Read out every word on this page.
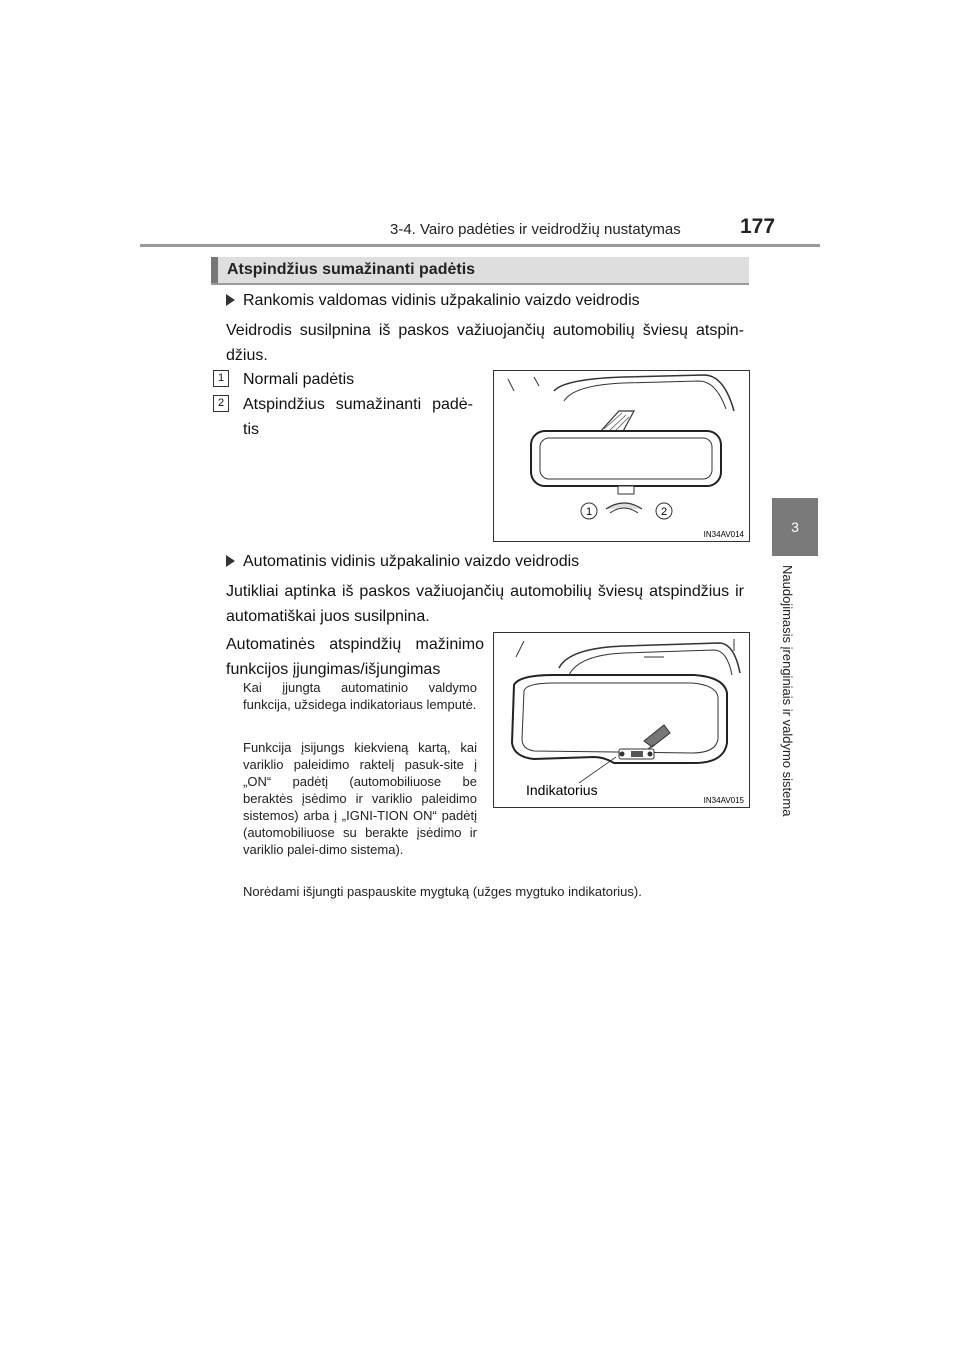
3-4. Vairo padėties ir veidrodžių nustatymas	177
3
Naudojimasis įrenginiais ir valdymo sistema
Atspindžius sumažinanti padėtis
Rankomis valdomas vidinis užpakalinio vaizdo veidrodis
Veidrodis susilpnina iš paskos važiuojančių automobilių šviesų atspin-džius.
1	Normali padėtis
2	Atspindžius sumažinanti padė-tis
1	2
IN34AV014
Automatinis vidinis užpakalinio vaizdo veidrodis
Jutikliai aptinka iš paskos važiuojančių automobilių šviesų atspindžius ir automatiškai juos susilpnina.
Automatinės atspindžių mažinimo funkcijos įjungimas/išjungimas
Kai įjungta automatinio valdymo funkcija, užsidega indikatoriaus lemputė.
Funkcija įsijungs kiekvieną kartą, kai variklio paleidimo raktelį pasuk-site į „ON“ padėtį (automobiliuose be beraktės įsėdimo ir variklio paleidimo sistemos) arba į „IGNI-TION ON“ padėtį (automobiliuose su berakte įsėdimo ir variklio palei-dimo sistema).
Norėdami išjungti paspauskite mygtuką (užges mygtuko indikatorius).
Indikatorius
IN34AV015
